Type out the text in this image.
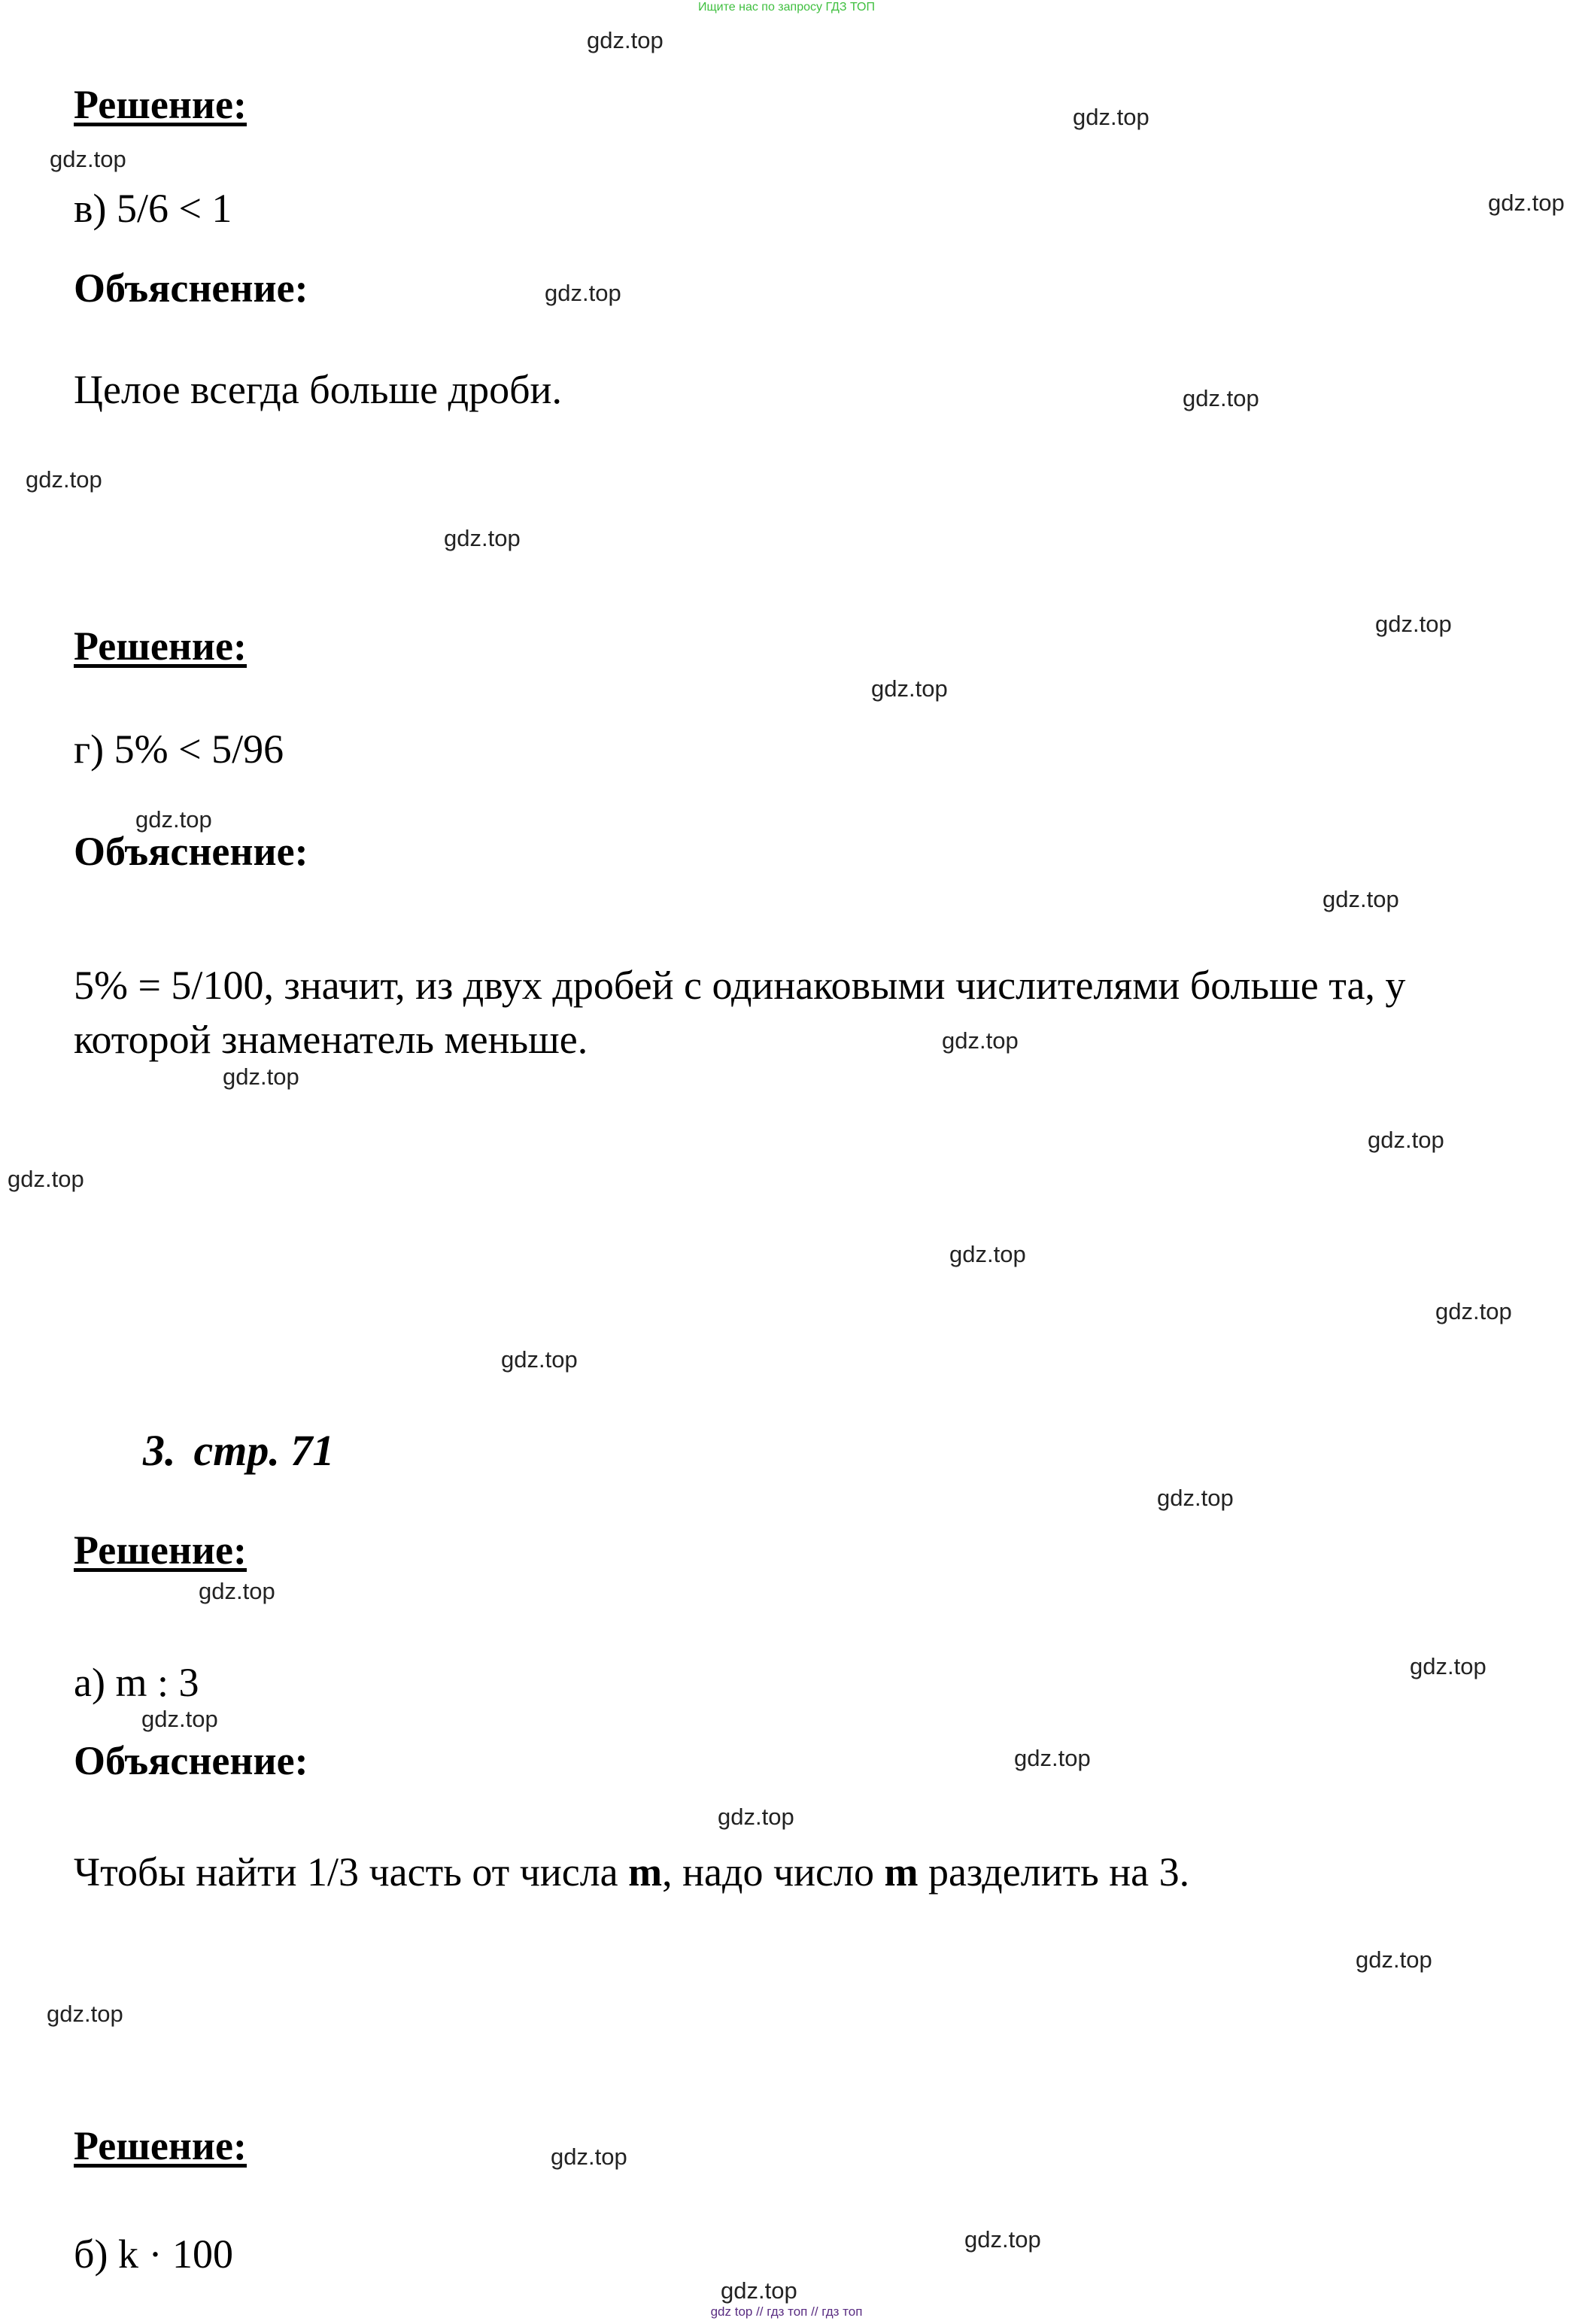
Ищите нас по запросу ГДЗ ТОП
Решение:
в) 5/6 < 1
Объяснение:
Целое всегда больше дроби.
Решение:
г) 5% < 5/96
Объяснение:
5% = 5/100, значит, из двух дробей с одинаковыми числителями больше та, у которой знаменатель меньше.
3. стр. 71
Решение:
а) m : 3
Объяснение:
Чтобы найти 1/3 часть от числа m, надо число m разделить на 3.
Решение:
б) k · 100
gdz.top
gdz.top
gdz.top
gdz.top
gdz.top
gdz.top
gdz.top
gdz.top
gdz.top
gdz.top
gdz.top
gdz.top
gdz.top
gdz.top
gdz.top
gdz.top
gdz.top
gdz.top
gdz.top
gdz.top
gdz.top
gdz.top
gdz.top
gdz.top
gdz.top
gdz.top
gdz.top
gdz.top
gdz.top
gdz.top
gdz top // гдз топ // гдз топ
